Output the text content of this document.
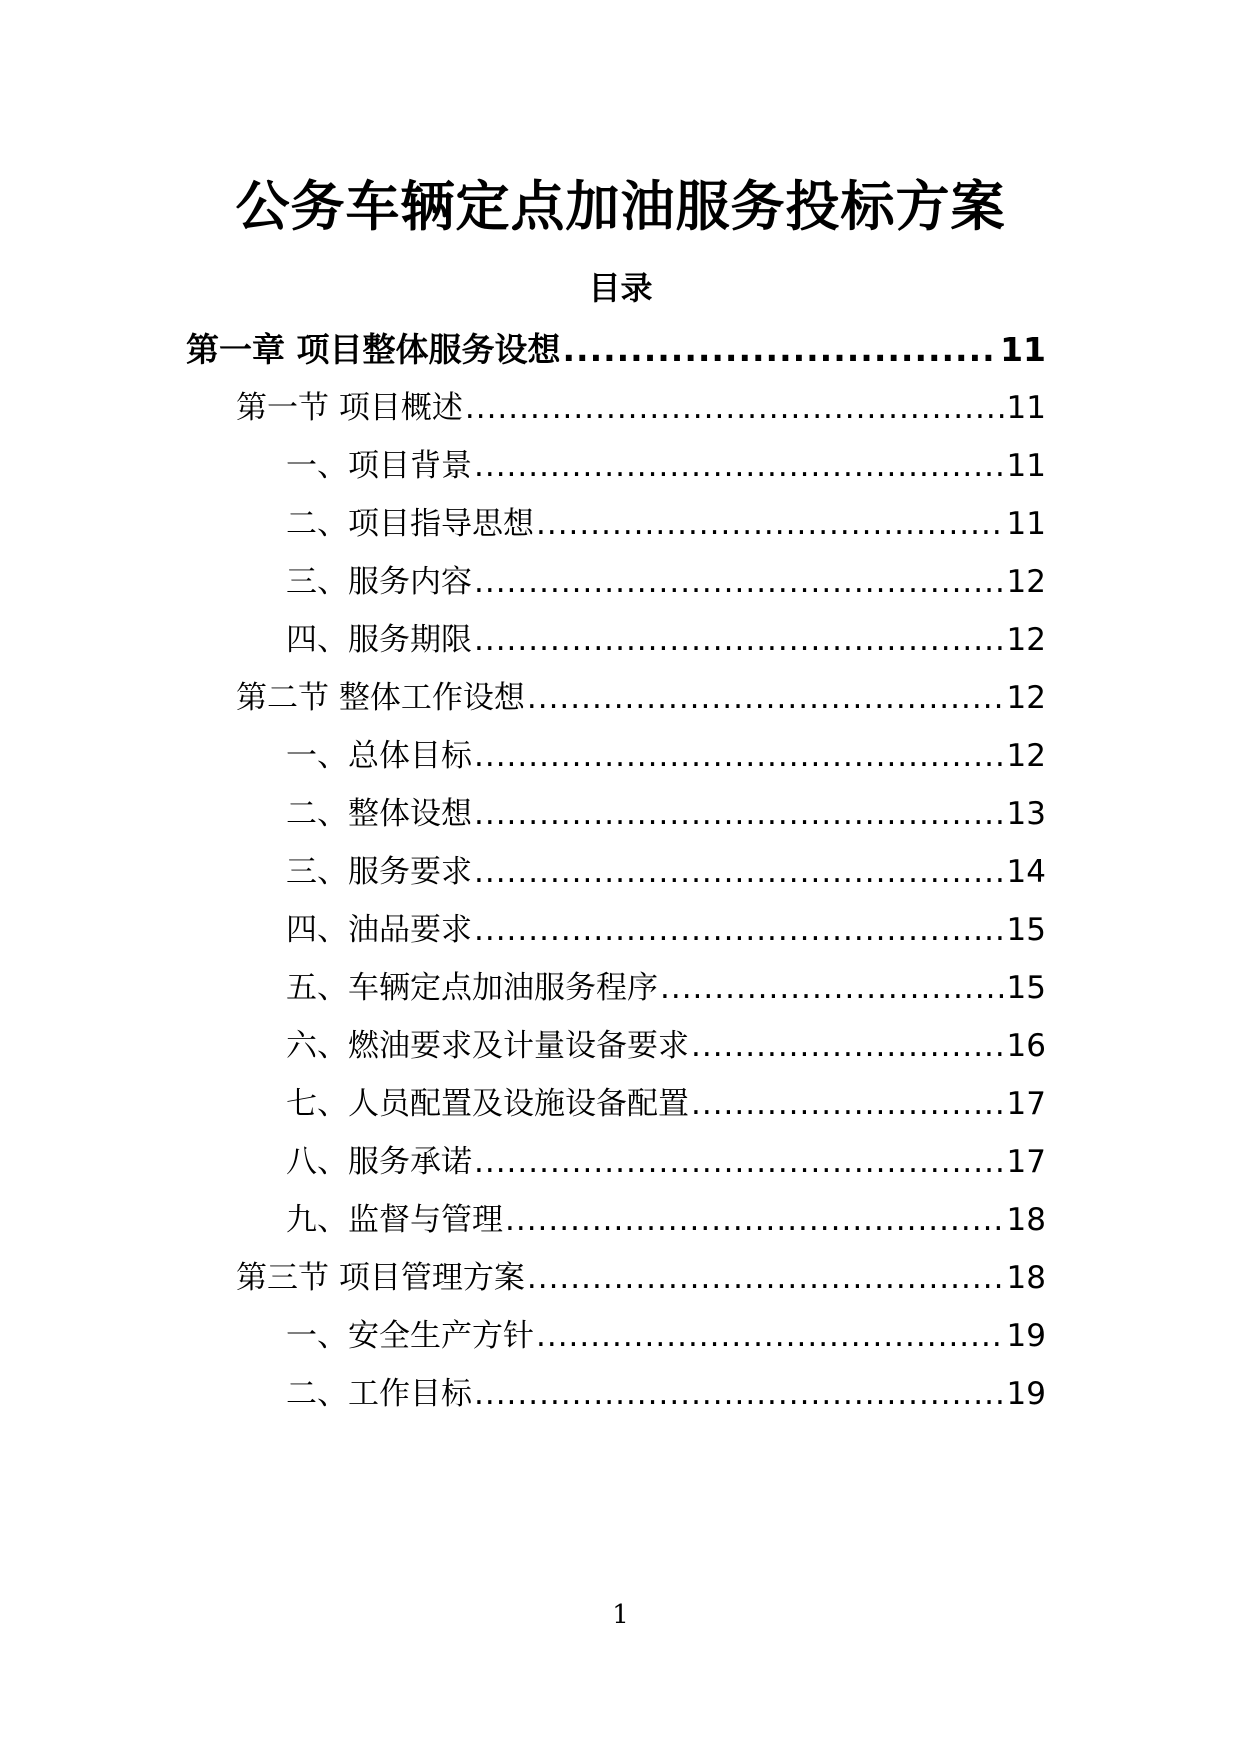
公务车辆定点加油服务投标方案
目录
第一章 项目整体服务设想 .....	11
第一节 项目概述 .....	11
一、项目背景 .....	11
二、项目指导思想 .....	11
三、服务内容 .....	12
四、服务期限 .....	12
第二节 整体工作设想 .....	12
一、总体目标 .....	12
二、整体设想 .....	13
三、服务要求 .....	14
四、油品要求 .....	15
五、车辆定点加油服务程序 .....	15
六、燃油要求及计量设备要求 .....	16
七、人员配置及设施设备配置 .....	17
八、服务承诺 .....	17
九、监督与管理 .....	18
第三节 项目管理方案 .....	18
一、安全生产方针 .....	19
二、工作目标 .....	19
1
